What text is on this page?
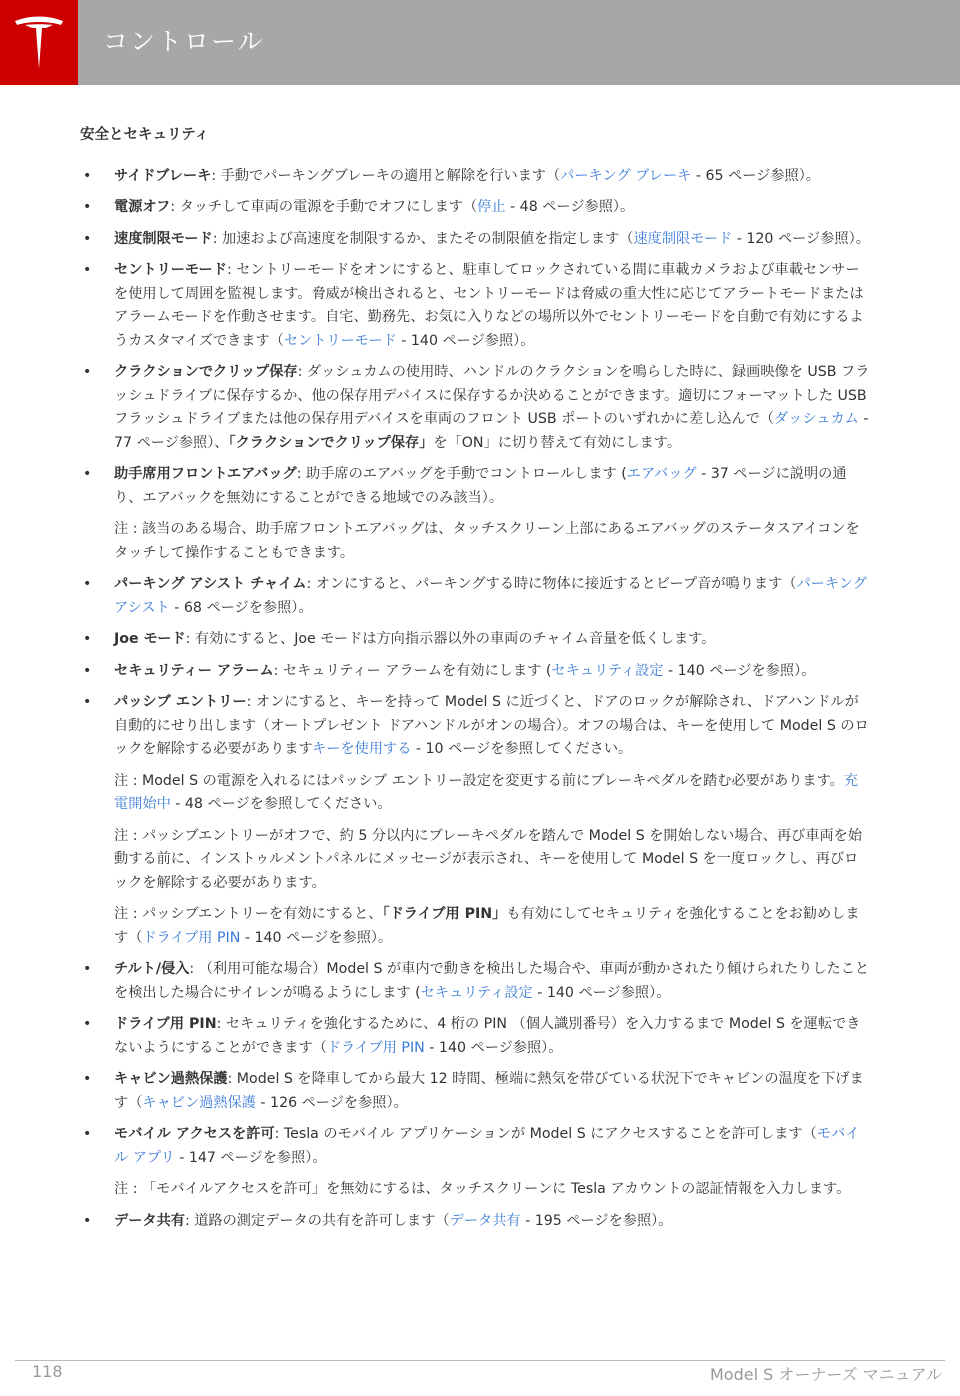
コントロール
安全とセキュリティ
• サイドブレーキ: 手動でパーキングブレーキの適用と解除を行います（パーキング ブレーキ - 65 ページ参照）。
• 電源オフ: タッチして車両の電源を手動でオフにします（停止 - 48 ページ参照）。
• 速度制限モード: 加速および高速度を制限するか、またその制限値を指定します（速度制限モード - 120 ページ参照）。
• セントリーモード: セントリーモードをオンにすると、駐車してロックされている間に車載カメラおよび車載センサーを使用して周囲を監視します。脅威が検出されると、セントリーモードは脅威の重大性に応じてアラートモードまたはアラームモードを作動させます。自宅、勤務先、お気に入りなどの場所以外でセントリーモードを自動で有効にするようカスタマイズできます（セントリーモード - 140 ページ参照）。
• クラクションでクリップ保存: ダッシュカムの使用時、ハンドルのクラクションを鳴らした時に、録画映像を USB フラッシュドライブに保存するか、他の保存用デバイスに保存するか決めることができます。適切にフォーマットした USB フラッシュドライブまたは他の保存用デバイスを車両のフロント USB ポートのいずれかに差し込んで（ダッシュカム - 77 ページ参照）、「クラクションでクリップ保存」を「ON」に切り替えて有効にします。
• 助手席用フロントエアバッグ: 助手席のエアバッグを手動でコントロールします (エアバッグ - 37 ページに説明の通り、エアバックを無効にすることができる地域でのみ該当）。
注 : 該当のある場合、助手席フロントエアバッグは、タッチスクリーン上部にあるエアバッグのステータスアイコンをタッチして操作することもできます。
• パーキング アシスト チャイム: オンにすると、パーキングする時に物体に接近するとビープ音が鳴ります（パーキングアシスト - 68 ページを参照）。
• Joe モード: 有効にすると、Joe モードは方向指示器以外の車両のチャイム音量を低くします。
• セキュリティー アラーム: セキュリティー アラームを有効にします (セキュリティ設定 - 140 ページを参照）。
• パッシブ エントリー: オンにすると、キーを持って Model S に近づくと、ドアのロックが解除され、ドアハンドルが自動的にせり出します（オートプレゼント ドアハンドルがオンの場合）。オフの場合は、キーを使用して Model S のロックを解除する必要がありますキーを使用する - 10 ページを参照してください。
注 : Model S の電源を入れるにはパッシブ エントリー設定を変更する前にブレーキペダルを踏む必要があります。充電開始中 - 48 ページを参照してください。
注 : パッシブエントリーがオフで、約 5 分以内にブレーキペダルを踏んで Model S を開始しない場合、再び車両を始動する前に、インストゥルメントパネルにメッセージが表示され、キーを使用して Model S を一度ロックし、再びロックを解除する必要があります。
注 : パッシブエントリーを有効にすると、「ドライブ用 PIN」も有効にしてセキュリティを強化することをお勧めします（ドライブ用 PIN - 140 ページを参照）。
• チルト/侵入: （利用可能な場合）Model S が車内で動きを検出した場合や、車両が動かされたり傾けられたりしたことを検出した場合にサイレンが鳴るようにします (セキュリティ設定 - 140 ページ参照）。
• ドライブ用 PIN: セキュリティを強化するために、4 桁の PIN （個人識別番号）を入力するまで Model S を運転できないようにすることができます（ドライブ用 PIN - 140 ページ参照）。
• キャビン過熱保護: Model S を降車してから最大 12 時間、極端に熱気を帯びている状況下でキャビンの温度を下げます（キャビン過熱保護 - 126 ページを参照）。
• モバイル アクセスを許可: Tesla のモバイル アプリケーションが Model S にアクセスすることを許可します（モバイル アプリ - 147 ページを参照）。
注 : 「モバイルアクセスを許可」を無効にするは、タッチスクリーンに Tesla アカウントの認証情報を入力します。
• データ共有: 道路の測定データの共有を許可します（データ共有 - 195 ページを参照）。
118	Model S オーナーズ マニュアル
